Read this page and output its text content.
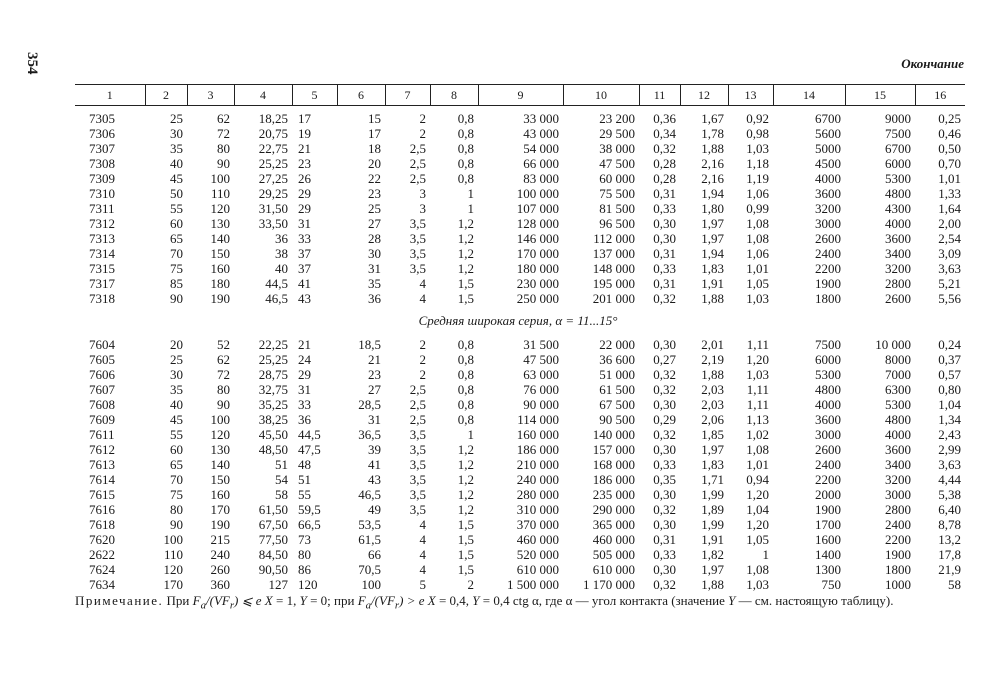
354	Окончание
1	2	3	4	5	6	7	8	9	10	11	12	13	14	15	16
7305	25	62	18,25	17	15	2	0,8	33 000	23 200	0,36	1,67	0,92	6700	9000	0,25
7306	30	72	20,75	19	17	2	0,8	43 000	29 500	0,34	1,78	0,98	5600	7500	0,46
7307	35	80	22,75	21	18	2,5	0,8	54 000	38 000	0,32	1,88	1,03	5000	6700	0,50
7308	40	90	25,25	23	20	2,5	0,8	66 000	47 500	0,28	2,16	1,18	4500	6000	0,70
7309	45	100	27,25	26	22	2,5	0,8	83 000	60 000	0,28	2,16	1,19	4000	5300	1,01
7310	50	110	29,25	29	23	3	1	100 000	75 500	0,31	1,94	1,06	3600	4800	1,33
7311	55	120	31,50	29	25	3	1	107 000	81 500	0,33	1,80	0,99	3200	4300	1,64
7312	60	130	33,50	31	27	3,5	1,2	128 000	96 500	0,30	1,97	1,08	3000	4000	2,00
7313	65	140	36	33	28	3,5	1,2	146 000	112 000	0,30	1,97	1,08	2600	3600	2,54
7314	70	150	38	37	30	3,5	1,2	170 000	137 000	0,31	1,94	1,06	2400	3400	3,09
7315	75	160	40	37	31	3,5	1,2	180 000	148 000	0,33	1,83	1,01	2200	3200	3,63
7317	85	180	44,5	41	35	4	1,5	230 000	195 000	0,31	1,91	1,05	1900	2800	5,21
7318	90	190	46,5	43	36	4	1,5	250 000	201 000	0,32	1,88	1,03	1800	2600	5,56
Средняя широкая серия, α = 11...15°															
7604	20	52	22,25	21	18,5	2	0,8	31 500	22 000	0,30	2,01	1,11	7500	10 000	0,24
7605	25	62	25,25	24	21	2	0,8	47 500	36 600	0,27	2,19	1,20	6000	8000	0,37
7606	30	72	28,75	29	23	2	0,8	63 000	51 000	0,32	1,88	1,03	5300	7000	0,57
7607	35	80	32,75	31	27	2,5	0,8	76 000	61 500	0,32	2,03	1,11	4800	6300	0,80
7608	40	90	35,25	33	28,5	2,5	0,8	90 000	67 500	0,30	2,03	1,11	4000	5300	1,04
7609	45	100	38,25	36	31	2,5	0,8	114 000	90 500	0,29	2,06	1,13	3600	4800	1,34
7611	55	120	45,50	44,5	36,5	3,5	1	160 000	140 000	0,32	1,85	1,02	3000	4000	2,43
7612	60	130	48,50	47,5	39	3,5	1,2	186 000	157 000	0,30	1,97	1,08	2600	3600	2,99
7613	65	140	51	48	41	3,5	1,2	210 000	168 000	0,33	1,83	1,01	2400	3400	3,63
7614	70	150	54	51	43	3,5	1,2	240 000	186 000	0,35	1,71	0,94	2200	3200	4,44
7615	75	160	58	55	46,5	3,5	1,2	280 000	235 000	0,30	1,99	1,20	2000	3000	5,38
7616	80	170	61,50	59,5	49	3,5	1,2	310 000	290 000	0,32	1,89	1,04	1900	2800	6,40
7618	90	190	67,50	66,5	53,5	4	1,5	370 000	365 000	0,30	1,99	1,20	1700	2400	8,78
7620	100	215	77,50	73	61,5	4	1,5	460 000	460 000	0,31	1,91	1,05	1600	2200	13,2
2622	110	240	84,50	80	66	4	1,5	520 000	505 000	0,33	1,82	1	1400	1900	17,8
7624	120	260	90,50	86	70,5	4	1,5	610 000	610 000	0,30	1,97	1,08	1300	1800	21,9
7634	170	360	127	120	100	5	2	1 500 000	1 170 000	0,32	1,88	1,03	750	1000	58
Примечание. При $F_a/(VF_r)$ ⩽ e X = 1, Y = 0; при $F_a/(VF_r) > e$ X = 0,4, Y = 0,4 ctg α, где α — угол контакта (значение Y — см. настоящую таблицу).
